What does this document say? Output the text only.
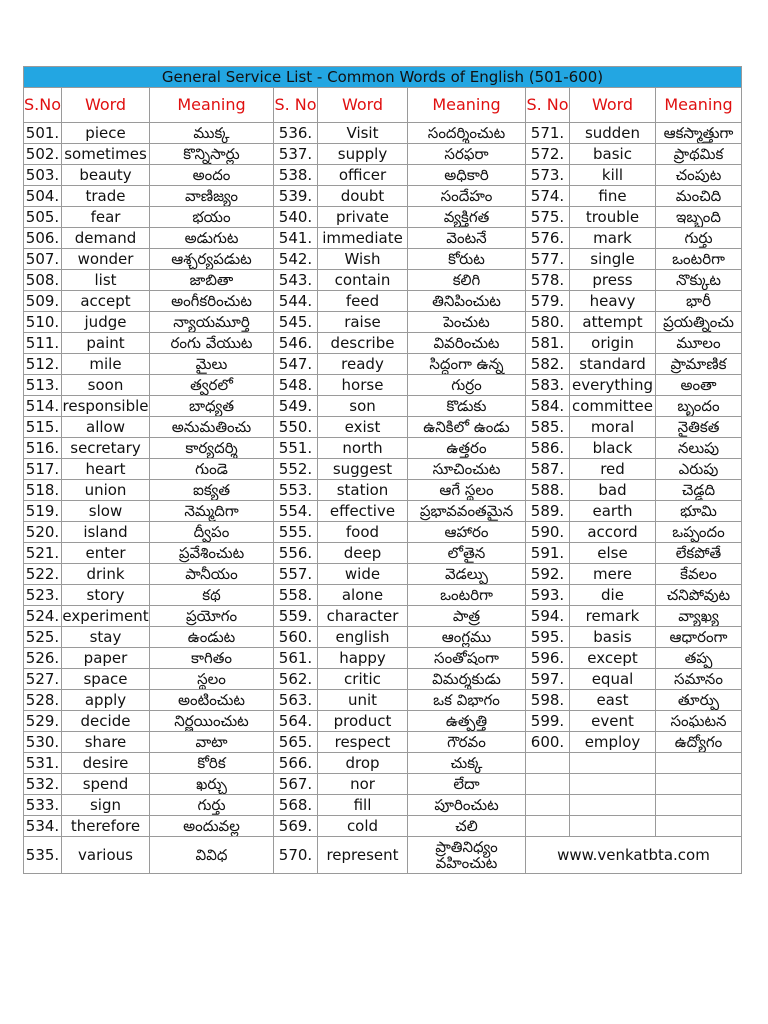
General Service List - Common Words of English (501-600)								
S.No	Word	Meaning	S. No	Word	Meaning	S. No	Word	Meaning
501.	piece	ముక్క	536.	Visit	సందర్శించుట	571.	sudden	ఆకస్మాత్తుగా
502.	sometimes	కొన్నిసార్లు	537.	supply	సరఫరా	572.	basic	ప్రాథమిక
503.	beauty	అందం	538.	officer	అధికారి	573.	kill	చంపుట
504.	trade	వాణిజ్యం	539.	doubt	సందేహం	574.	fine	మంచిది
505.	fear	భయం	540.	private	వ్యక్తిగత	575.	trouble	ఇబ్బంది
506.	demand	అడుగుట	541.	immediate	వెంటనే	576.	mark	గుర్తు
507.	wonder	ఆశ్చర్యపడుట	542.	Wish	కోరుట	577.	single	ఒంటరిగా
508.	list	జాబితా	543.	contain	కలిగి	578.	press	నొక్కుట
509.	accept	అంగీకరించుట	544.	feed	తినిపించుట	579.	heavy	భారీ
510.	judge	న్యాయమూర్తి	545.	raise	పెంచుట	580.	attempt	ప్రయత్నించు
511.	paint	రంగు వేయుట	546.	describe	వివరించుట	581.	origin	మూలం
512.	mile	మైలు	547.	ready	సిద్ధంగా ఉన్న	582.	standard	ప్రామాణిక
513.	soon	త్వరలో	548.	horse	గుర్రం	583.	everything	అంతా
514.	responsible	బాధ్యత	549.	son	కొడుకు	584.	committee	బృందం
515.	allow	అనుమతించు	550.	exist	ఉనికిలో ఉండు	585.	moral	నైతికత
516.	secretary	కార్యదర్శి	551.	north	ఉత్తరం	586.	black	నలుపు
517.	heart	గుండె	552.	suggest	సూచించుట	587.	red	ఎరుపు
518.	union	ఐక్యత	553.	station	ఆగే స్థలం	588.	bad	చెడ్డది
519.	slow	నెమ్మదిగా	554.	effective	ప్రభావవంతమైన	589.	earth	భూమి
520.	island	ద్వీపం	555.	food	ఆహారం	590.	accord	ఒప్పందం
521.	enter	ప్రవేశించుట	556.	deep	లోతైన	591.	else	లేకపోతే
522.	drink	పానీయం	557.	wide	వెడల్పు	592.	mere	కేవలం
523.	story	కథ	558.	alone	ఒంటరిగా	593.	die	చనిపోవుట
524.	experiment	ప్రయోగం	559.	character	పాత్ర	594.	remark	వ్యాఖ్య
525.	stay	ఉండుట	560.	english	ఆంగ్లము	595.	basis	ఆధారంగా
526.	paper	కాగితం	561.	happy	సంతోషంగా	596.	except	తప్ప
527.	space	స్థలం	562.	critic	విమర్శకుడు	597.	equal	సమానం
528.	apply	అంటించుట	563.	unit	ఒక విభాగం	598.	east	తూర్పు
529.	decide	నిర్ణయించుట	564.	product	ఉత్పత్తి	599.	event	సంఘటన
530.	share	వాటా	565.	respect	గౌరవం	600.	employ	ఉద్యోగం
531.	desire	కోరిక	566.	drop	చుక్క			
532.	spend	ఖర్చు	567.	nor	లేదా			
533.	sign	గుర్తు	568.	fill	పూరించుట			
534.	therefore	అందువల్ల	569.	cold	చలి			
535.	various	వివిధ	570.	represent	ప్రాతినిధ్యం వహించుట	www.venkatbta.com		
